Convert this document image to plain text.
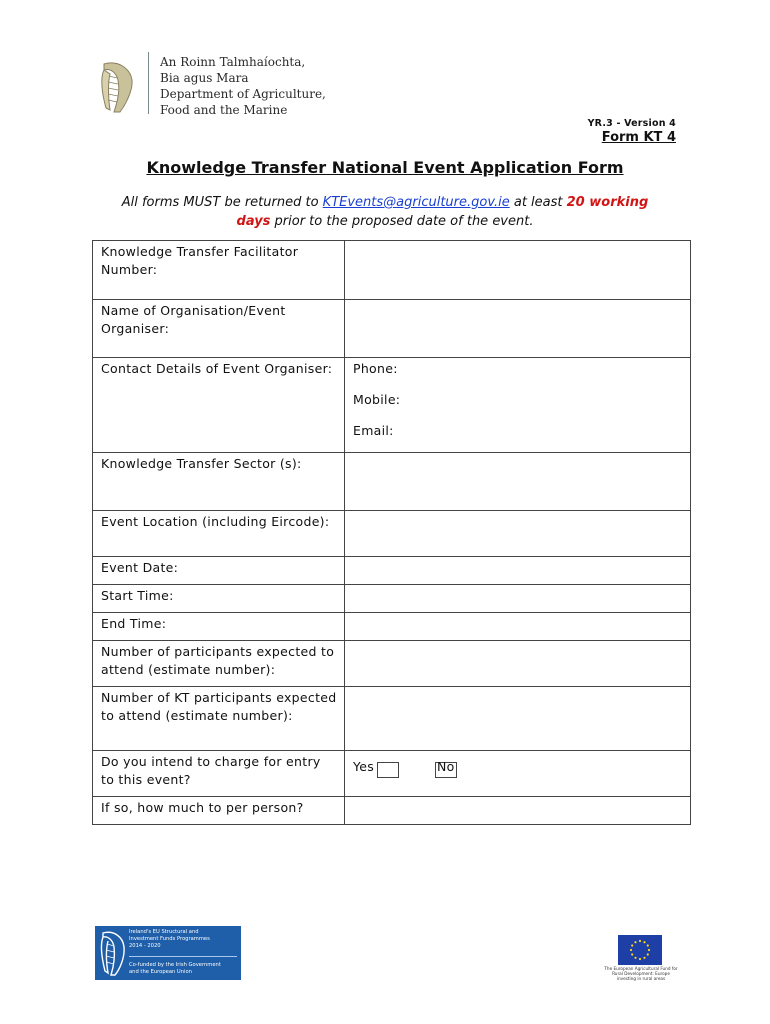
An Roinn Talmhaíochta,
Bia agus Mara
Department of Agriculture,
Food and the Marine
YR.3 - Version 4
Form KT 4
Knowledge Transfer National Event Application Form
All forms MUST be returned to KTEvents@agriculture.gov.ie at least 20 working
days prior to the proposed date of the event.
Knowledge Transfer Facilitator Number:	
Name of Organisation/Event Organiser:	
Contact Details of Event Organiser:	Phone:
Mobile:
Email:

Knowledge Transfer Sector (s):	
Event Location (including Eircode):	
Event Date:	
Start Time:	
End Time:	
Number of participants expected to attend (estimate number):	
Number of KT participants expected to attend (estimate number):	
Do you intend to charge for entry to this event?	Yes No

If so, how much to per person?	
Ireland's EU Structural and
Investment Funds Programmes
2014 - 2020
Co-funded by the Irish Government
and the European Union
The European Agricultural Fund for Rural Development: Europe investing in rural areas
